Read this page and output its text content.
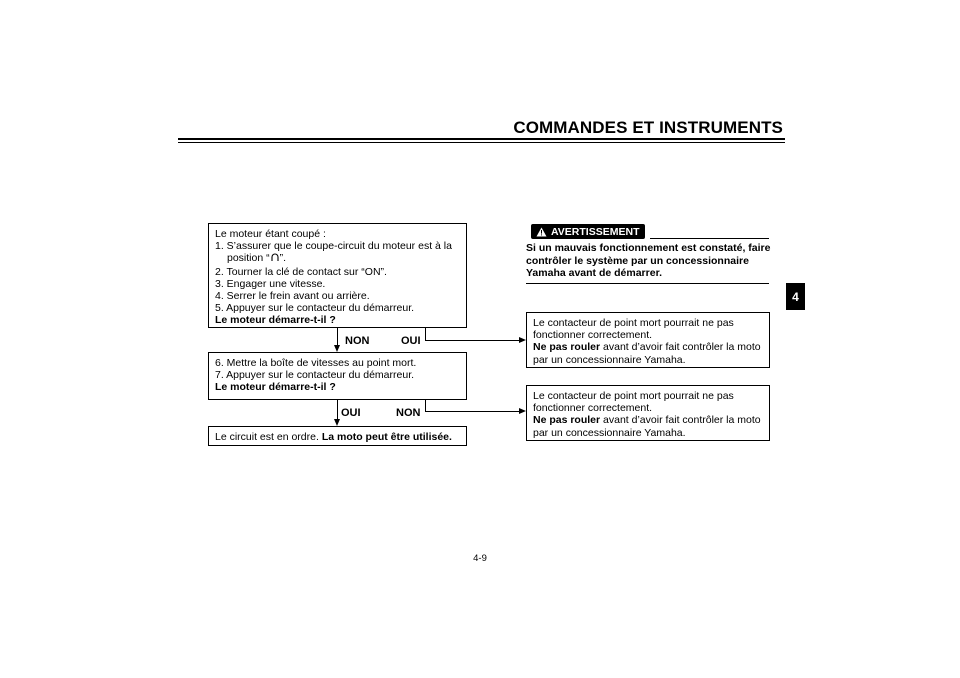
COMMANDES ET INSTRUMENTS
4

Le moteur étant coupé :

1. S’assurer que le coupe-circuit du moteur est à la

position “ ”.

2. Tourner la clé de contact sur “ON”.

3. Engager une vitesse.

4. Serrer le frein avant ou arrière.

5. Appuyer sur le contacteur du démarreur.

Le moteur démarre-t-il ?

NON	OUI

6. Mettre la boîte de vitesses au point mort.

7. Appuyer sur le contacteur du démarreur.

Le moteur démarre-t-il ?

OUI	NON

Le circuit est en ordre. La moto peut être utilisée.

AVERTISSEMENT
Si un mauvais fonctionnement est constaté, faire contrôler le système par un concessionnaire Yamaha avant de démarrer.

Le contacteur de point mort pourrait ne pas fonctionner correctement.

Ne pas rouler avant d’avoir fait contrôler la moto par un concessionnaire Yamaha.

Le contacteur de point mort pourrait ne pas fonctionner correctement.

Ne pas rouler avant d’avoir fait contrôler la moto par un concessionnaire Yamaha.

4-9
